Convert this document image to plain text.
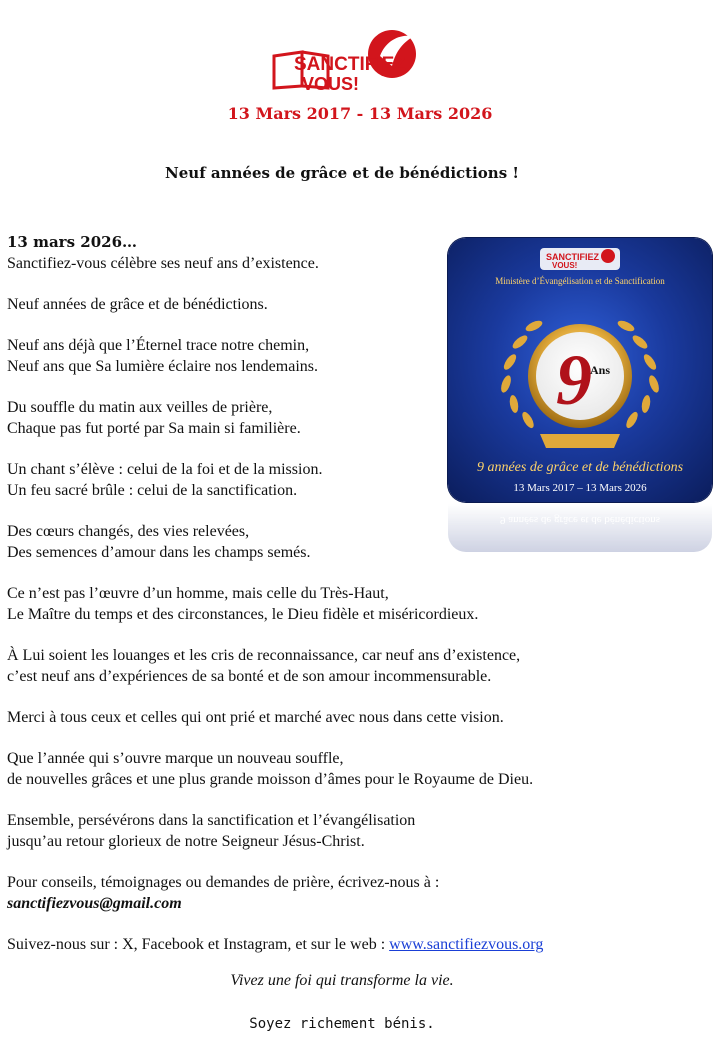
SANCTIFIEZ
VOUS!
13 Mars 2017 - 13 Mars 2026
Neuf années de grâce et de bénédictions !

13 mars 2026…

Sanctifiez-vous célèbre ses neuf ans d’existence.

Neuf années de grâce et de bénédictions.

Neuf ans déjà que l’Éternel trace notre chemin,

Neuf ans que Sa lumière éclaire nos lendemains.

Du souffle du matin aux veilles de prière,

Chaque pas fut porté par Sa main si familière.

Un chant s’élève : celui de la foi et de la mission.

Un feu sacré brûle : celui de la sanctification.

Des cœurs changés, des vies relevées,

Des semences d’amour dans les champs semés.

Ce n’est pas l’œuvre d’un homme, mais celle du Très-Haut,

Le Maître du temps et des circonstances, le Dieu fidèle et miséricordieux.

À Lui soient les louanges et les cris de reconnaissance, car neuf ans d’existence,

c’est neuf ans d’expériences de sa bonté et de son amour incommensurable.

Merci à tous ceux et celles qui ont prié et marché avec nous dans cette vision.

Que l’année qui s’ouvre marque un nouveau souffle,

de nouvelles grâces et une plus grande moisson d’âmes pour le Royaume de Dieu.

Ensemble, persévérons dans la sanctification et l’évangélisation

jusqu’au retour glorieux de notre Seigneur Jésus-Christ.

Pour conseils, témoignages ou demandes de prière, écrivez-nous à :

sanctifiezvous@gmail.com

Suivez-nous sur : X, Facebook et Instagram, et sur le web : www.sanctifiezvous.org

Vivez une foi qui transforme la vie.
Soyez richement bénis.
SANCTIFIEZ
VOUS!
9
Ans
Ministère d’Évangélisation et de Sanctification
9 années de grâce et de bénédictions
13 Mars 2017 – 13 Mars 2026
9 années de grâce et de bénédictions
